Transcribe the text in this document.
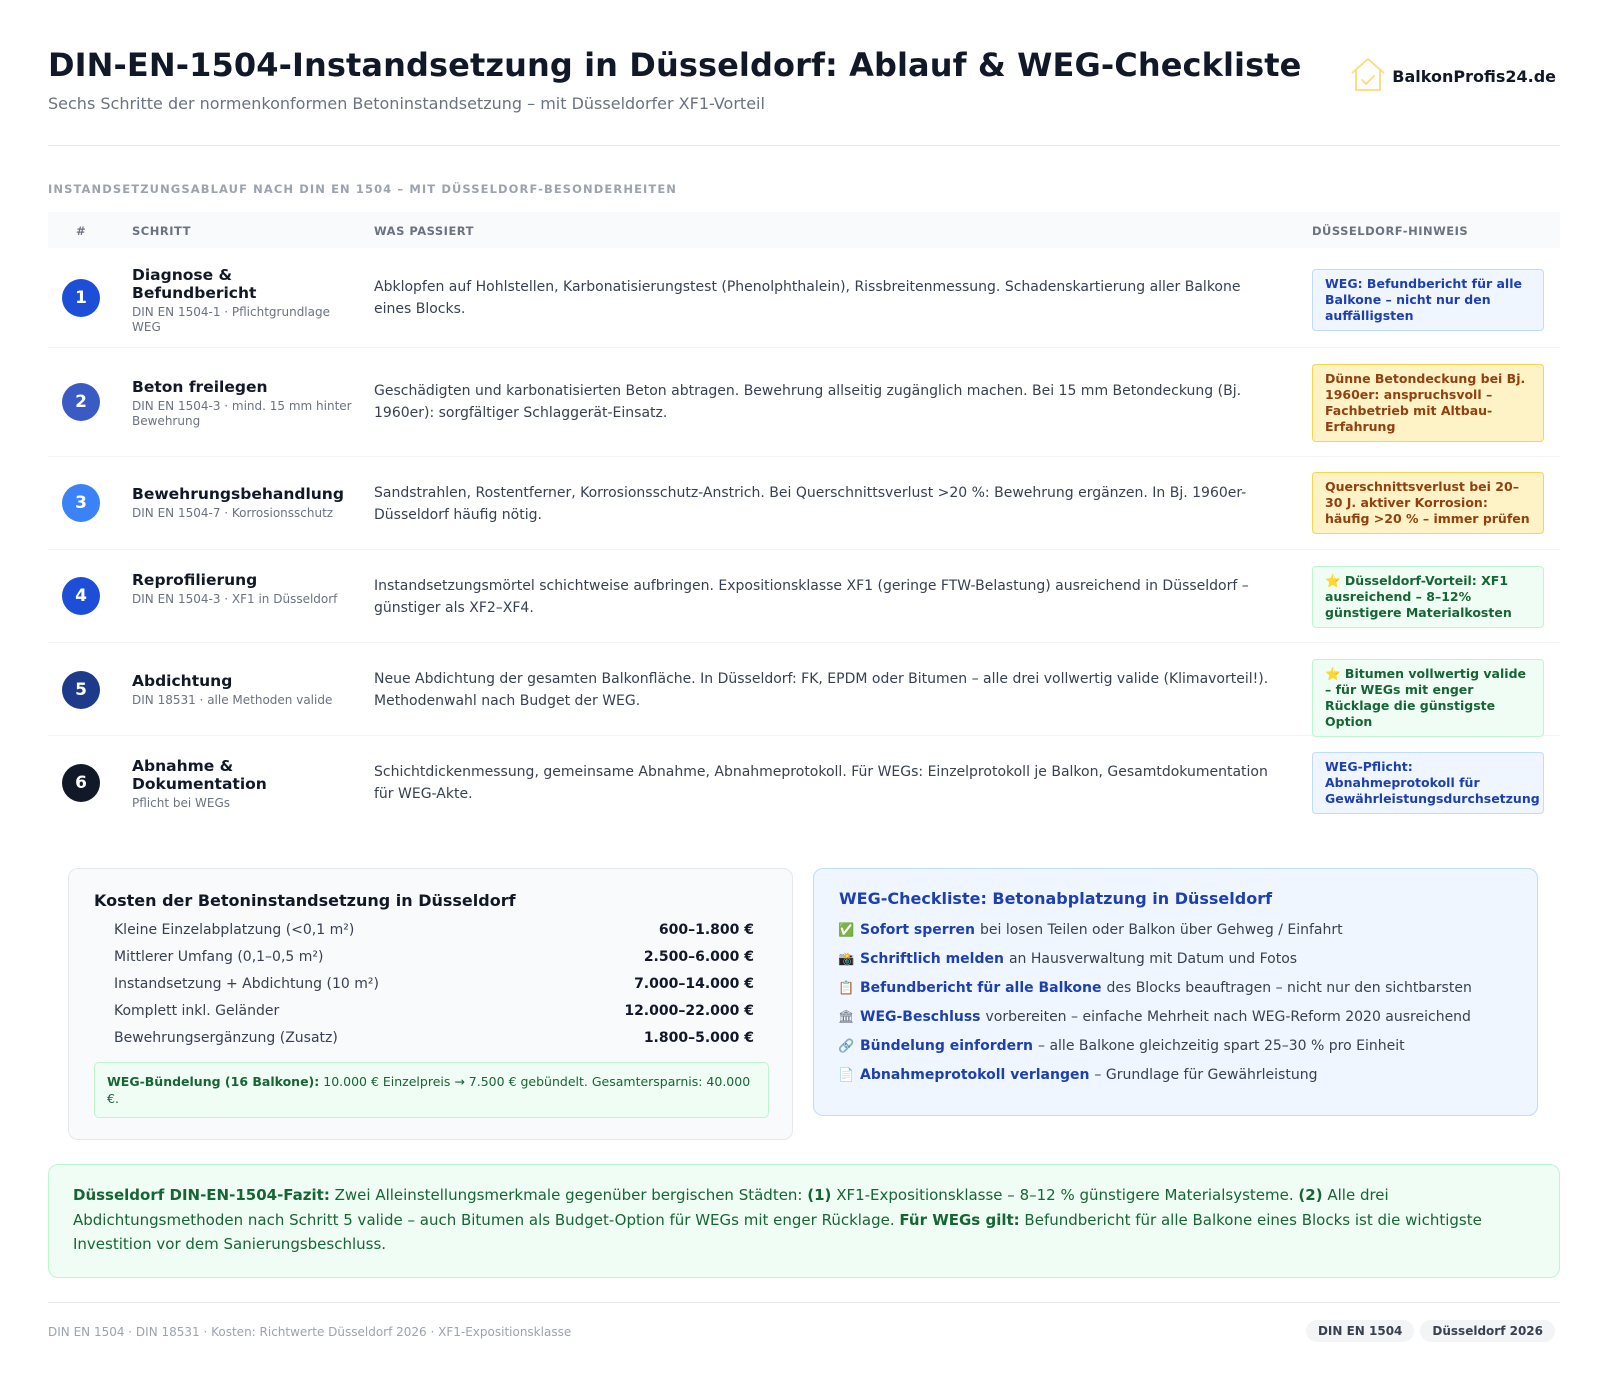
DIN-EN-1504-Instandsetzung in Düsseldorf: Ablauf & WEG-Checkliste
Sechs Schritte der normenkonformen Betoninstandsetzung – mit Düsseldorfer XF1-Vorteil
BalkonProfis24.de
INSTANDSETZUNGSABLAUF NACH DIN EN 1504 – MIT DÜSSELDORF-BESONDERHEITEN
#	SCHRITT	WAS PASSIERT	DÜSSELDORF-HINWEIS
1
Diagnose & Befundbericht
DIN EN 1504-1 · Pflichtgrundlage WEG
Abklopfen auf Hohlstellen, Karbonatisierungstest (Phenolphthalein), Rissbreitenmessung. Schadenskartierung aller Balkone eines Blocks.
WEG: Befundbericht für alle Balkone – nicht nur den auffälligsten
2
Beton freilegen
DIN EN 1504-3 · mind. 15 mm hinter Bewehrung
Geschädigten und karbonatisierten Beton abtragen. Bewehrung allseitig zugänglich machen. Bei 15 mm Betondeckung (Bj. 1960er): sorgfältiger Schlaggerät-Einsatz.
Dünne Betondeckung bei Bj. 1960er: anspruchsvoll – Fachbetrieb mit Altbau-Erfahrung
3	Bewehrungsbehandlung
DIN EN 1504-7 · Korrosionsschutz
Sandstrahlen, Rostentferner, Korrosionsschutz-Anstrich. Bei Querschnittsverlust >20 %: Bewehrung ergänzen. In Bj. 1960er-Düsseldorf häufig nötig.
Querschnittsverlust bei 20–30 J. aktiver Korrosion: häufig >20 % – immer prüfen
4
Reprofilierung
DIN EN 1504-3 · XF1 in Düsseldorf
Instandsetzungsmörtel schichtweise aufbringen. Expositionsklasse XF1 (geringe FTW-Belastung) ausreichend in Düsseldorf – günstiger als XF2–XF4.
⭐ Düsseldorf-Vorteil: XF1 ausreichend – 8–12% günstigere Materialkosten
5	Abdichtung
DIN 18531 · alle Methoden valide
Neue Abdichtung der gesamten Balkonfläche. In Düsseldorf: FK, EPDM oder Bitumen – alle drei vollwertig valide (Klimavorteil!). Methodenwahl nach Budget der WEG.
⭐ Bitumen vollwertig valide – für WEGs mit enger Rücklage die günstigste Option
6
Abnahme & Dokumentation
Pflicht bei WEGs
Schichtdickenmessung, gemeinsame Abnahme, Abnahmeprotokoll. Für WEGs: Einzelprotokoll je Balkon, Gesamtdokumentation für WEG-Akte.
WEG-Pflicht: Abnahmeprotokoll für Gewährleistungsdurchsetzung
Kosten der Betoninstandsetzung in Düsseldorf
Kleine Einzelabplatzung (<0,1 m²)	600–1.800 €
Mittlerer Umfang (0,1–0,5 m²)	2.500–6.000 €
Instandsetzung + Abdichtung (10 m²)	7.000–14.000 €
Komplett inkl. Geländer	12.000–22.000 €
Bewehrungsergänzung (Zusatz)	1.800–5.000 €
WEG-Bündelung (16 Balkone): 10.000 € Einzelpreis → 7.500 € gebündelt. Gesamtersparnis: 40.000 €.
WEG-Checkliste: Betonabplatzung in Düsseldorf
✅ Sofort sperren bei losen Teilen oder Balkon über Gehweg / Einfahrt
📸 Schriftlich melden an Hausverwaltung mit Datum und Fotos
📋 Befundbericht für alle Balkone des Blocks beauftragen – nicht nur den sichtbarsten
🏛 WEG-Beschluss vorbereiten – einfache Mehrheit nach WEG-Reform 2020 ausreichend
🔗 Bündelung einfordern – alle Balkone gleichzeitig spart 25–30 % pro Einheit
📄 Abnahmeprotokoll verlangen – Grundlage für Gewährleistung
Düsseldorf DIN-EN-1504-Fazit: Zwei Alleinstellungsmerkmale gegenüber bergischen Städten: (1) XF1-Expositionsklasse – 8–12 % günstigere Materialsysteme. (2) Alle drei Abdichtungsmethoden nach Schritt 5 valide – auch Bitumen als Budget-Option für WEGs mit enger Rücklage. Für WEGs gilt: Befundbericht für alle Balkone eines Blocks ist die wichtigste Investition vor dem Sanierungsbeschluss.
DIN EN 1504 · DIN 18531 · Kosten: Richtwerte Düsseldorf 2026 · XF1-Expositionsklasse	DIN EN 1504	Düsseldorf 2026
